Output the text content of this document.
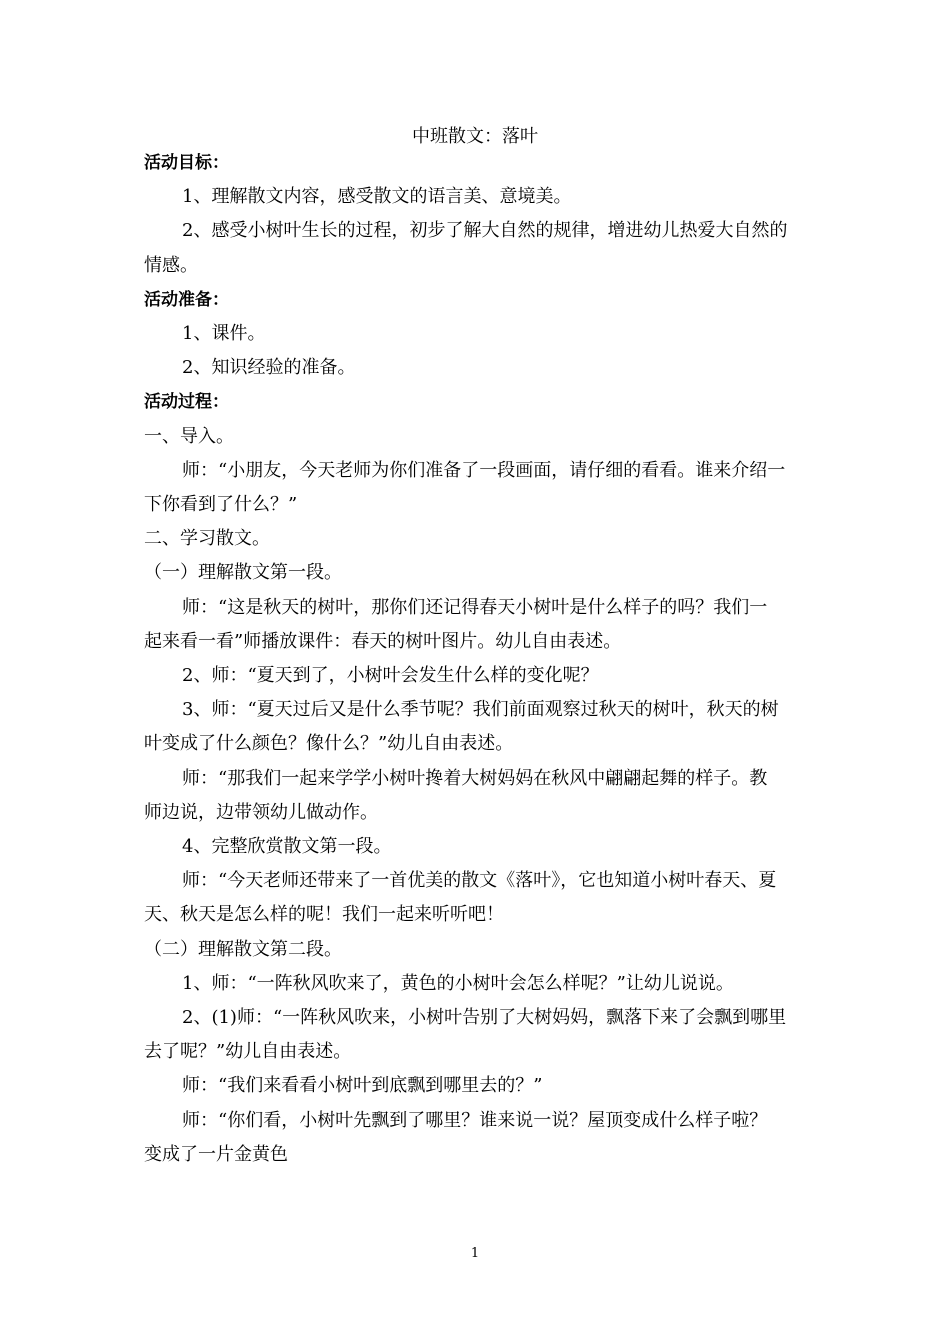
中班散文：落叶
活动目标：
1、理解散文内容，感受散文的语言美、意境美。
2、感受小树叶生长的过程，初步了解大自然的规律，增进幼儿热爱大自然的
情感。
活动准备：
1、课件。
2、知识经验的准备。
活动过程：
一、导入。
师：“小朋友，今天老师为你们准备了一段画面，请仔细的看看。谁来介绍一
下你看到了什么？”
二、学习散文。
（一）理解散文第一段。
师：“这是秋天的树叶，那你们还记得春天小树叶是什么样子的吗？我们一
起来看一看”师播放课件：春天的树叶图片。幼儿自由表述。
2、师：“夏天到了，小树叶会发生什么样的变化呢？
3、师：“夏天过后又是什么季节呢？我们前面观察过秋天的树叶，秋天的树
叶变成了什么颜色？像什么？”幼儿自由表述。
师：“那我们一起来学学小树叶搀着大树妈妈在秋风中翩翩起舞的样子。教
师边说，边带领幼儿做动作。
4、完整欣赏散文第一段。
师：“今天老师还带来了一首优美的散文《落叶》，它也知道小树叶春天、夏
天、秋天是怎么样的呢！我们一起来听听吧！
（二）理解散文第二段。
1、师：“一阵秋风吹来了，黄色的小树叶会怎么样呢？”让幼儿说说。
2、(1)师：“一阵秋风吹来，小树叶告别了大树妈妈，飘落下来了会飘到哪里
去了呢？”幼儿自由表述。
师：“我们来看看小树叶到底飘到哪里去的？”
师：“你们看，小树叶先飘到了哪里？谁来说一说？屋顶变成什么样子啦？
变成了一片金黄色
1
